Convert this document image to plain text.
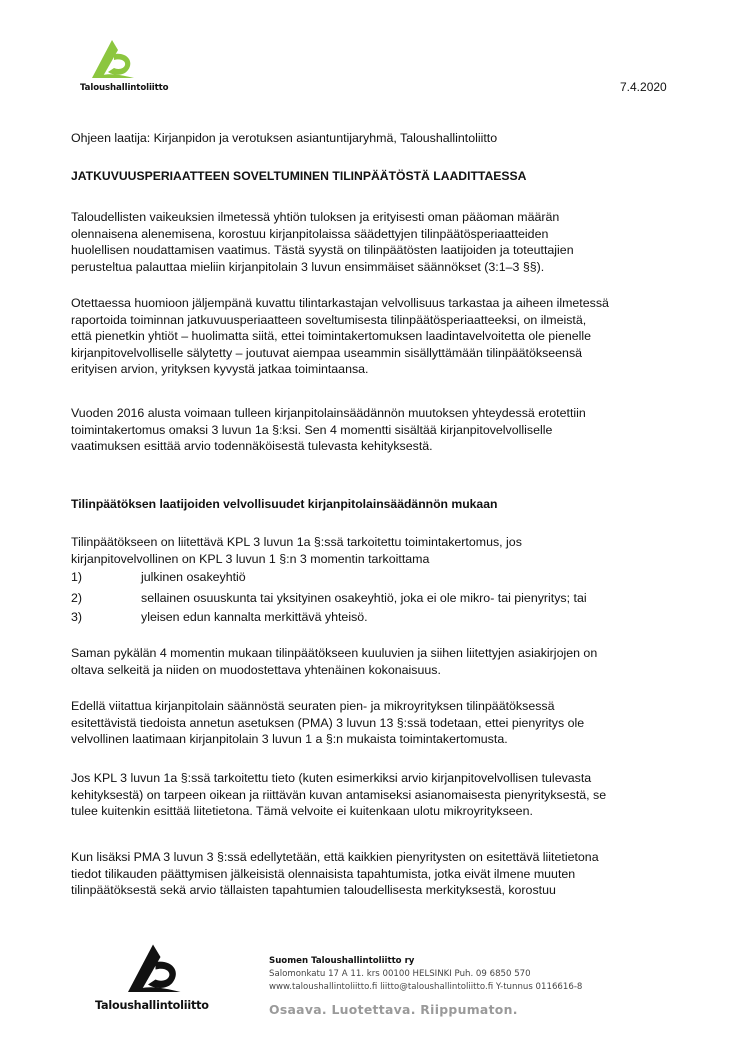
Taloushallintoliitto	7.4.2020
Ohjeen laatija: Kirjanpidon ja verotuksen asiantuntijaryhmä, Taloushallintoliitto
JATKUVUUSPERIAATTEEN SOVELTUMINEN TILINPÄÄTÖSTÄ LAADITTAESSA
Taloudellisten vaikeuksien ilmetessä yhtiön tuloksen ja erityisesti oman pääoman määrän
olennaisena alenemisena, korostuu kirjanpitolaissa säädettyjen tilinpäätösperiaatteiden
huolellisen noudattamisen vaatimus. Tästä syystä on tilinpäätösten laatijoiden ja toteuttajien
perusteltua palauttaa mieliin kirjanpitolain 3 luvun ensimmäiset säännökset (3:1–3 §§).
Otettaessa huomioon jäljempänä kuvattu tilintarkastajan velvollisuus tarkastaa ja aiheen ilmetessä
raportoida toiminnan jatkuvuusperiaatteen soveltumisesta tilinpäätösperiaatteeksi, on ilmeistä,
että pienetkin yhtiöt – huolimatta siitä, ettei toimintakertomuksen laadintavelvoitetta ole pienelle
kirjanpitovelvolliselle sälytetty – joutuvat aiempaa useammin sisällyttämään tilinpäätökseensä
erityisen arvion, yrityksen kyvystä jatkaa toimintaansa.
Vuoden 2016 alusta voimaan tulleen kirjanpitolainsäädännön muutoksen yhteydessä erotettiin
toimintakertomus omaksi 3 luvun 1a §:ksi. Sen 4 momentti sisältää kirjanpitovelvolliselle
vaatimuksen esittää arvio todennäköisestä tulevasta kehityksestä.
Tilinpäätöksen laatijoiden velvollisuudet kirjanpitolainsäädännön mukaan
Tilinpäätökseen on liitettävä KPL 3 luvun 1a §:ssä tarkoitettu toimintakertomus, jos
kirjanpitovelvollinen on KPL 3 luvun 1 §:n 3 momentin tarkoittama
1)	julkinen osakeyhtiö
2)	sellainen osuuskunta tai yksityinen osakeyhtiö, joka ei ole mikro- tai pienyritys; tai
3)	yleisen edun kannalta merkittävä yhteisö.
Saman pykälän 4 momentin mukaan tilinpäätökseen kuuluvien ja siihen liitettyjen asiakirjojen on
oltava selkeitä ja niiden on muodostettava yhtenäinen kokonaisuus.
Edellä viitattua kirjanpitolain säännöstä seuraten pien- ja mikroyrityksen tilinpäätöksessä
esitettävistä tiedoista annetun asetuksen (PMA) 3 luvun 13 §:ssä todetaan, ettei pienyritys ole
velvollinen laatimaan kirjanpitolain 3 luvun 1 a §:n mukaista toimintakertomusta.
Jos KPL 3 luvun 1a §:ssä tarkoitettu tieto (kuten esimerkiksi arvio kirjanpitovelvollisen tulevasta
kehityksestä) on tarpeen oikean ja riittävän kuvan antamiseksi asianomaisesta pienyrityksestä, se
tulee kuitenkin esittää liitetietona. Tämä velvoite ei kuitenkaan ulotu mikroyritykseen.
Kun lisäksi PMA 3 luvun 3 §:ssä edellytetään, että kaikkien pienyritysten on esitettävä liitetietona
tiedot tilikauden päättymisen jälkeisistä olennaisista tapahtumista, jotka eivät ilmene muuten
tilinpäätöksestä sekä arvio tällaisten tapahtumien taloudellisesta merkityksestä, korostuu
Taloushallintoliitto
Suomen Taloushallintoliitto ry
Salomonkatu 17 A 11. krs 00100 HELSINKI Puh. 09 6850 570
www.taloushallintoliitto.fi liitto@taloushallintoliitto.fi Y-tunnus 0116616-8
Osaava. Luotettava. Riippumaton.
